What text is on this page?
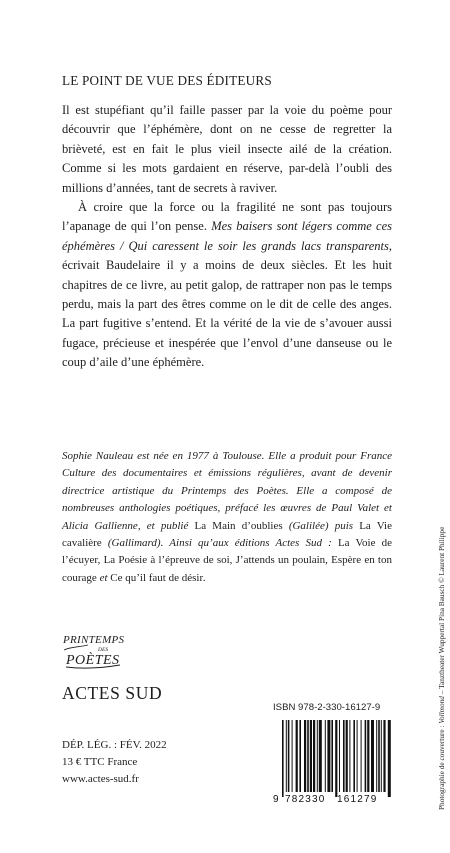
LE POINT DE VUE DES ÉDITEURS

Il est stupéfiant qu’il faille passer par la voie du poème pour découvrir que l’éphémère, dont on ne cesse de regretter la brièveté, est en fait le plus vieil insecte ailé de la création. Comme si les mots gardaient en réserve, par-delà l’oubli des millions d’années, tant de secrets à raviver.

À croire que la force ou la fragilité ne sont pas toujours l’apanage de qui l’on pense. Mes baisers sont légers comme ces éphémères / Qui caressent le soir les grands lacs transparents, écrivait Baudelaire il y a moins de deux siècles. Et les huit chapitres de ce livre, au petit galop, de rattraper non pas le temps perdu, mais la part des êtres comme on le dit de celle des anges. La part fugitive s’entend. Et la vérité de la vie de s’avouer aussi fugace, précieuse et inespérée que l’envol d’une danseuse ou le coup d’aile d’une éphémère.

Sophie Nauleau est née en 1977 à Toulouse. Elle a produit pour France Culture des documentaires et émissions régulières, avant de devenir directrice artistique du Printemps des Poètes. Elle a composé de nombreuses anthologies poétiques, préfacé les œuvres de Paul Valet et Alicia Gallienne, et publié La Main d’oublies (Galilée) puis La Vie cavalière (Gallimard). Ainsi qu’aux éditions Actes Sud : La Voie de l’écuyer, La Poésie à l’épreuve de soi, J’attends un poulain, Espère en ton courage et Ce qu’il faut de désir.

PRINTEMPS
DES
POÈTES
ACTES SUD
DÉP. LÉG. : FÉV. 2022
13 € TTC France
www.actes-sud.fr
ISBN 978-2-330-16127-9
9 782330 161279	Photographie de couverture : Vollmond – Tanztheater Wuppertal Pina Bausch © Laurent Philippe
